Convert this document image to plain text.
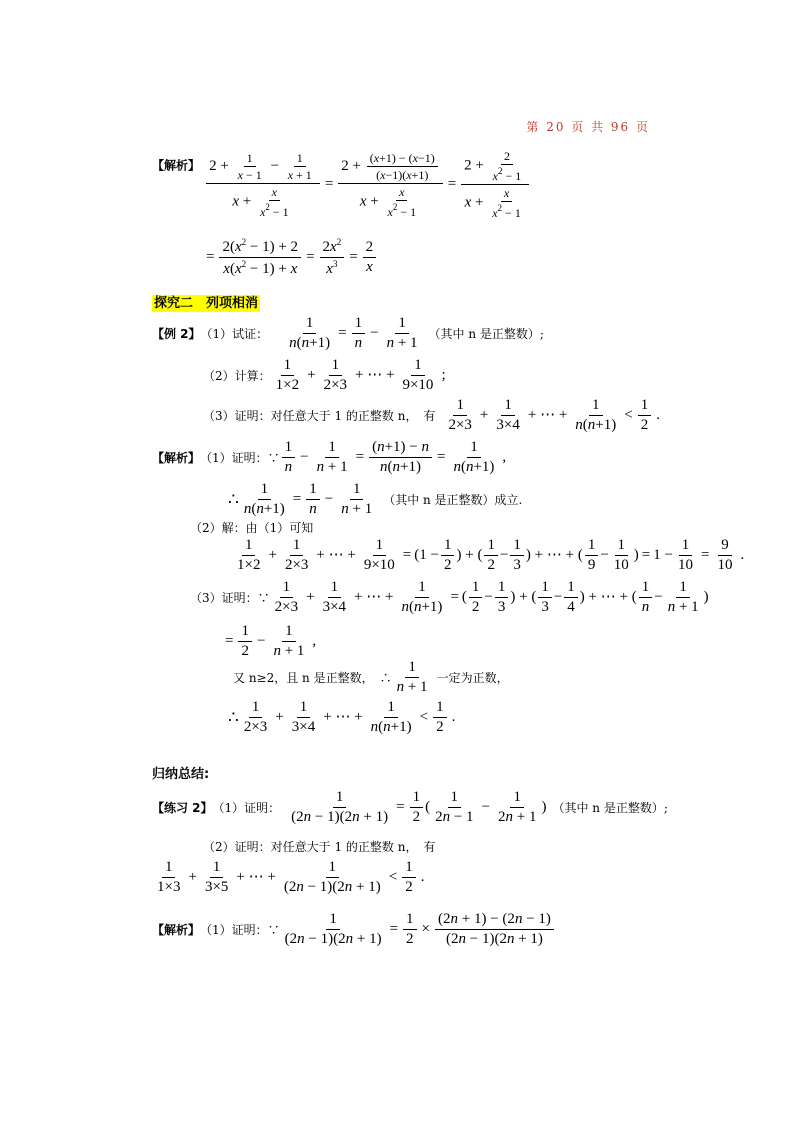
第 20 页 共 96 页
【解析】 $\frac{2 + \frac{1}{x - 1} - \frac{1}{x + 1}}{x + \frac{x}{x^2 - 1}} = \frac{2 + \frac{(x+1) - (x-1)}{(x-1)(x+1)}}{x + \frac{x}{x^2 - 1}} = \frac{2 + \frac{2}{x^2 - 1}}{x + \frac{x}{x^2 - 1}}$
= $\frac{2(x^2 - 1) + 2}{x(x^2 - 1) + x} = \frac{2x^2}{x^3} = \frac{2}{x}$
探究二　列项相消
【例 2】 （1）试证： $\frac{1}{n(n+1)} = \frac{1}{n} - \frac{1}{n + 1}$ （其中 n 是正整数）;
（2）计算： $\frac{1}{1\times 2} + \frac{1}{2\times 3}$ + ⋯ + $\frac{1}{9\times 10}$ ;
（3）证明：对任意大于 1 的正整数 n，　有 $\frac{1}{2\times 3} + \frac{1}{3\times 4}$ + ⋯ + $\frac{1}{n(n+1)} < \frac{1}{2}$ .
【解析】 （1）证明：∵ $\frac{1}{n} - \frac{1}{n + 1} = \frac{(n+1) - n}{n(n+1)} = \frac{1}{n(n+1)}$ ,
∴ $\frac{1}{n(n+1)} = \frac{1}{n} - \frac{1}{n + 1}$ （其中 n 是正整数）成立.
（2）解：由（1）可知
$\frac{1}{1\times 2} + \frac{1}{2\times 3}$ + ⋯ + $\frac{1}{9\times 10} = (1 - \frac{1}{2}$ ) + ( $\frac{1}{2} - \frac{1}{3}$ ) + ⋯ + ( $\frac{1}{9} - \frac{1}{10}$ ) = $1 - \frac{1}{10} = \frac{9}{10}$ .
（3）证明：∵ $\frac{1}{2\times 3} + \frac{1}{3\times 4}$ + ⋯ + $\frac{1}{n(n+1)}$ = ( $\frac{1}{2} - \frac{1}{3}$ ) + ( $\frac{1}{3} - \frac{1}{4}$ ) + ⋯ + ( $\frac{1}{n} - \frac{1}{n + 1}$ )
= $\frac{1}{2} - \frac{1}{n + 1}$ ,
又 n≥2，且 n 是正整数，　∴ $\frac{1}{n + 1}$ 一定为正数，
∴ $\frac{1}{2\times 3} + \frac{1}{3\times 4}$ + ⋯ + $\frac{1}{n(n+1)} < \frac{1}{2}$ .
归纳总结:
【练习 2】 （1）证明： $\frac{1}{(2n - 1)(2n + 1)} = \frac{1}{2}$ ( $\frac{1}{2n - 1} - \frac{1}{2n + 1}$ ) （其中 n 是正整数）;
（2）证明：对任意大于 1 的正整数 n，　有
$\frac{1}{1\times 3} + \frac{1}{3\times 5}$ + ⋯ + $\frac{1}{(2n - 1)(2n + 1)} < \frac{1}{2}$ .
【解析】 （1）证明：∵ $\frac{1}{(2n - 1)(2n + 1)} = \frac{1}{2} \times \frac{(2n + 1) - (2n - 1)}{(2n - 1)(2n + 1)}$
